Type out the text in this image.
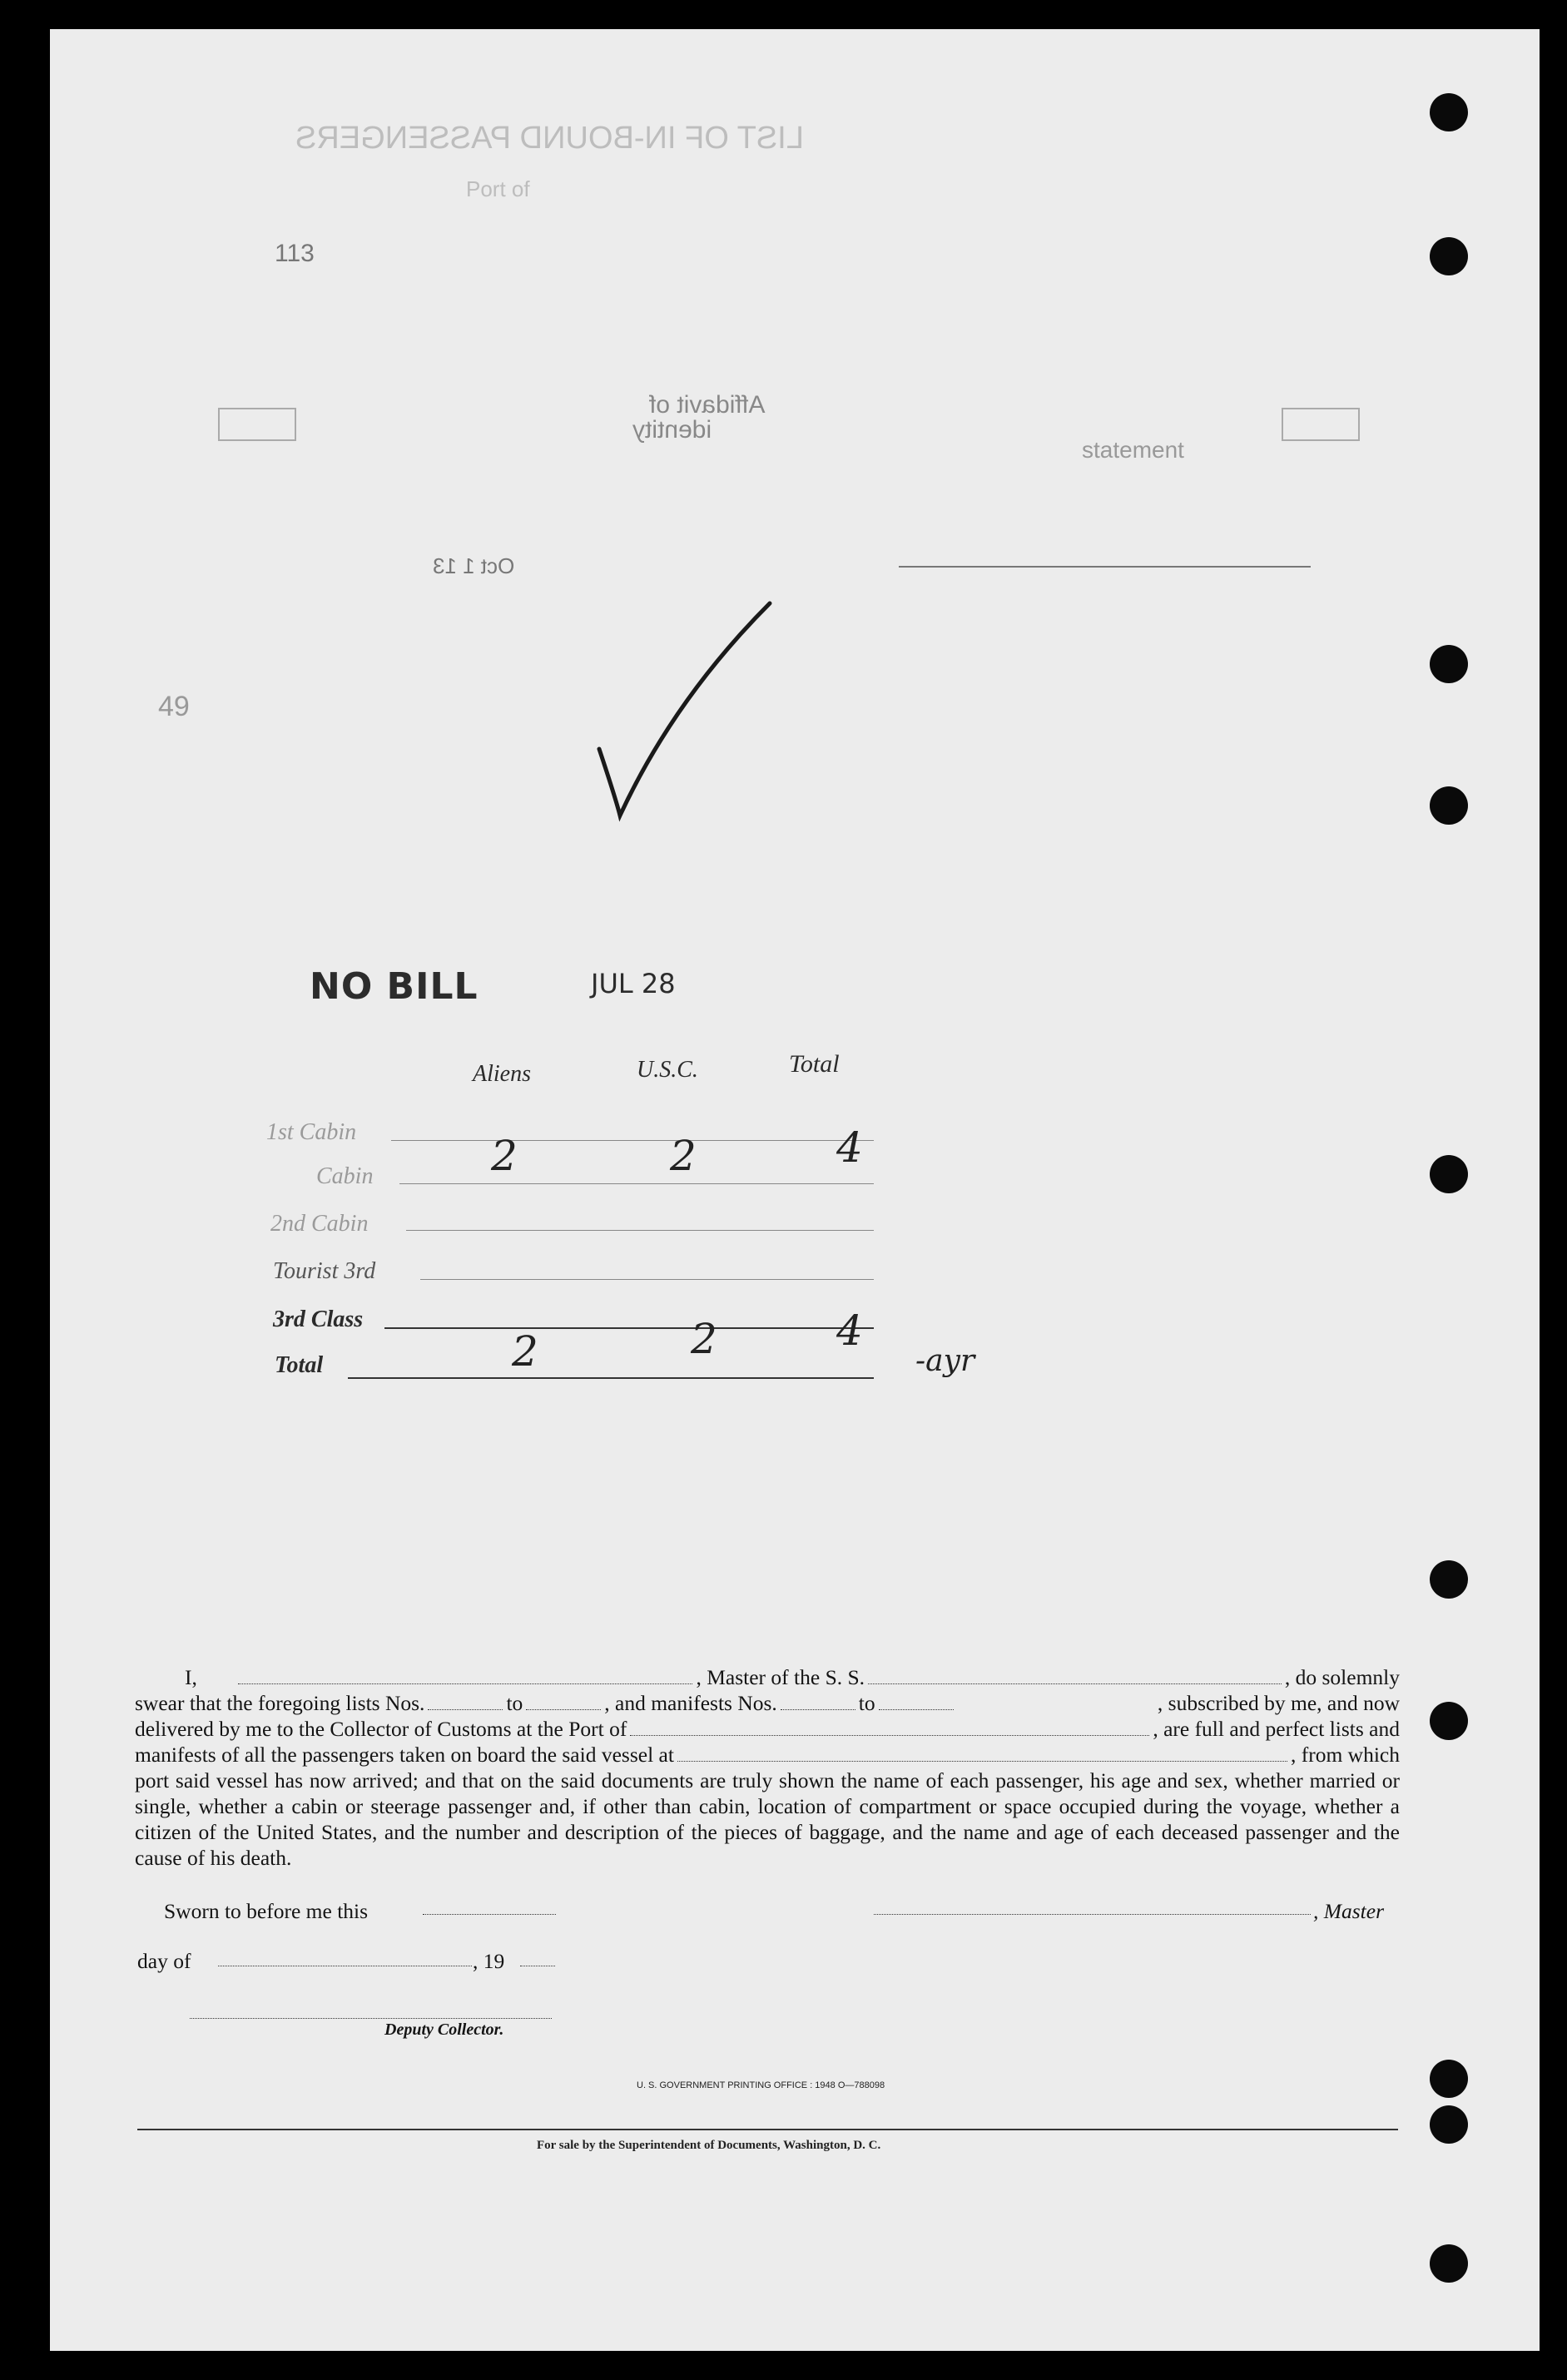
LIST OF IN-BOUND PASSENGERS
Port of
113
Affidavit of
identity
statement
Oct 1 13
49
NO BILL	JUL 28
Aliens	U.S.C.	Total
1st Cabin
Cabin	2	2	4
2nd Cabin
Tourist 3rd
3rd Class
Total	2	2	4
-ayr
I,	, Master of the S. S.	, do solemnly
swear that the foregoing lists Nos.	to	, and manifests Nos.	to	, subscribed by me, and now
delivered by me to the Collector of Customs at the Port of	, are full and perfect lists and
manifests of all the passengers taken on board the said vessel at	, from which
port said vessel has now arrived; and that on the said documents are truly shown the name of each passenger, his age and sex, whether married or single, whether a cabin or steerage passenger and, if other than cabin, location of compartment or space occupied during the voyage, whether a citizen of the United States, and the number and description of the pieces of baggage, and the name and age of each deceased passenger and the cause of his death.
Sworn to before me this	, Master
day of	, 19
Deputy Collector.
U. S. GOVERNMENT PRINTING OFFICE : 1948 O—788098
For sale by the Superintendent of Documents, Washington, D. C.
